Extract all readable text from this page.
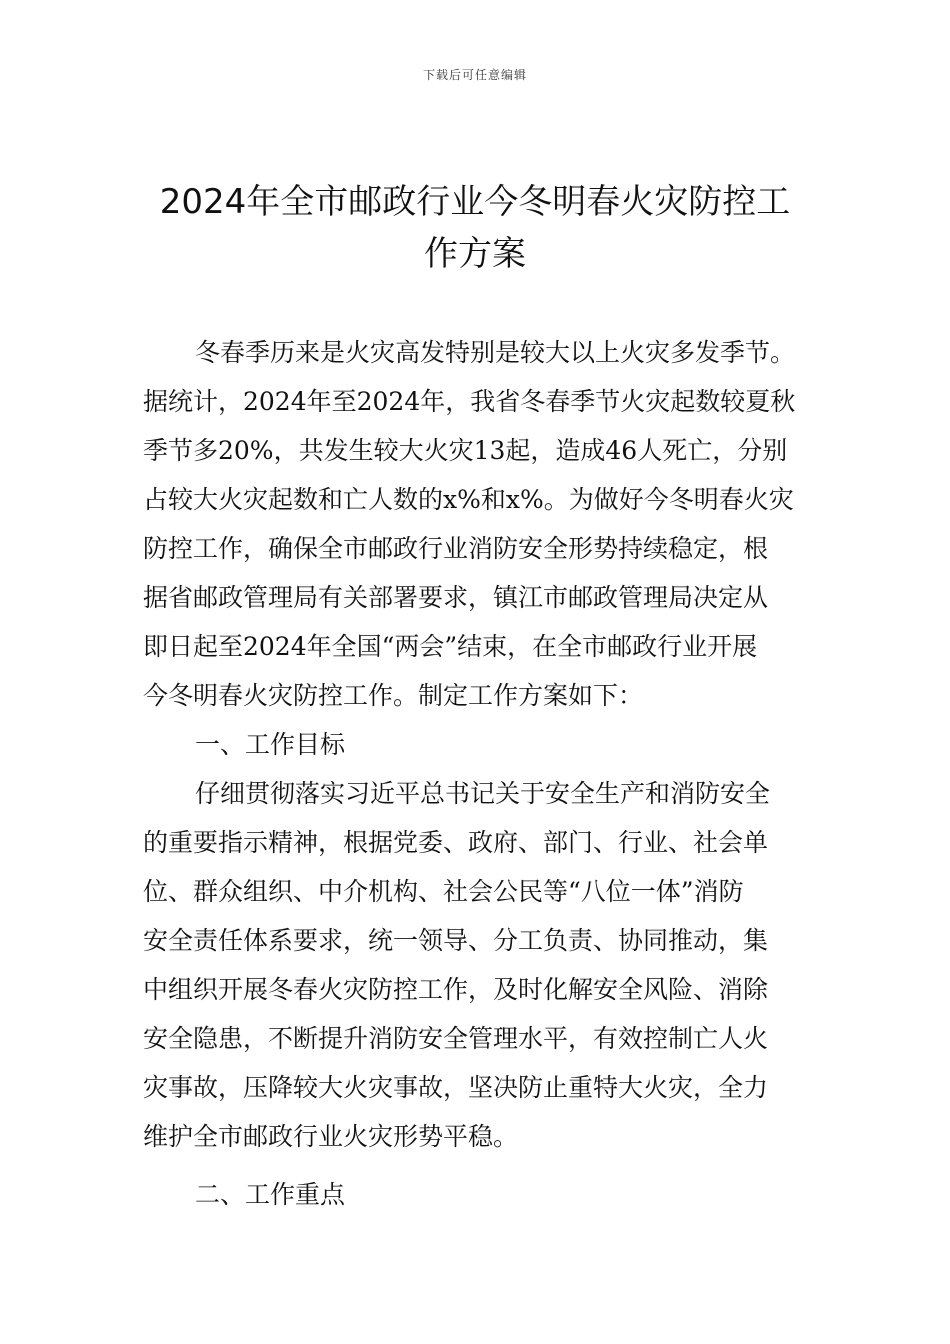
下载后可任意编辑
2024年全市邮政行业今冬明春火灾防控工
作方案
冬春季历来是火灾高发特别是较大以上火灾多发季节。
据统计，2024年至2024年，我省冬春季节火灾起数较夏秋
季节多20%，共发生较大火灾13起，造成46人死亡，分别
占较大火灾起数和亡人数的x%和x%。为做好今冬明春火灾
防控工作，确保全市邮政行业消防安全形势持续稳定，根
据省邮政管理局有关部署要求，镇江市邮政管理局决定从
即日起至2024年全国“两会”结束，在全市邮政行业开展
今冬明春火灾防控工作。制定工作方案如下：
一、工作目标
仔细贯彻落实习近平总书记关于安全生产和消防安全
的重要指示精神，根据党委、政府、部门、行业、社会单
位、群众组织、中介机构、社会公民等“八位一体”消防
安全责任体系要求，统一领导、分工负责、协同推动，集
中组织开展冬春火灾防控工作，及时化解安全风险、消除
安全隐患，不断提升消防安全管理水平，有效控制亡人火
灾事故，压降较大火灾事故，坚决防止重特大火灾，全力
维护全市邮政行业火灾形势平稳。
二、工作重点
